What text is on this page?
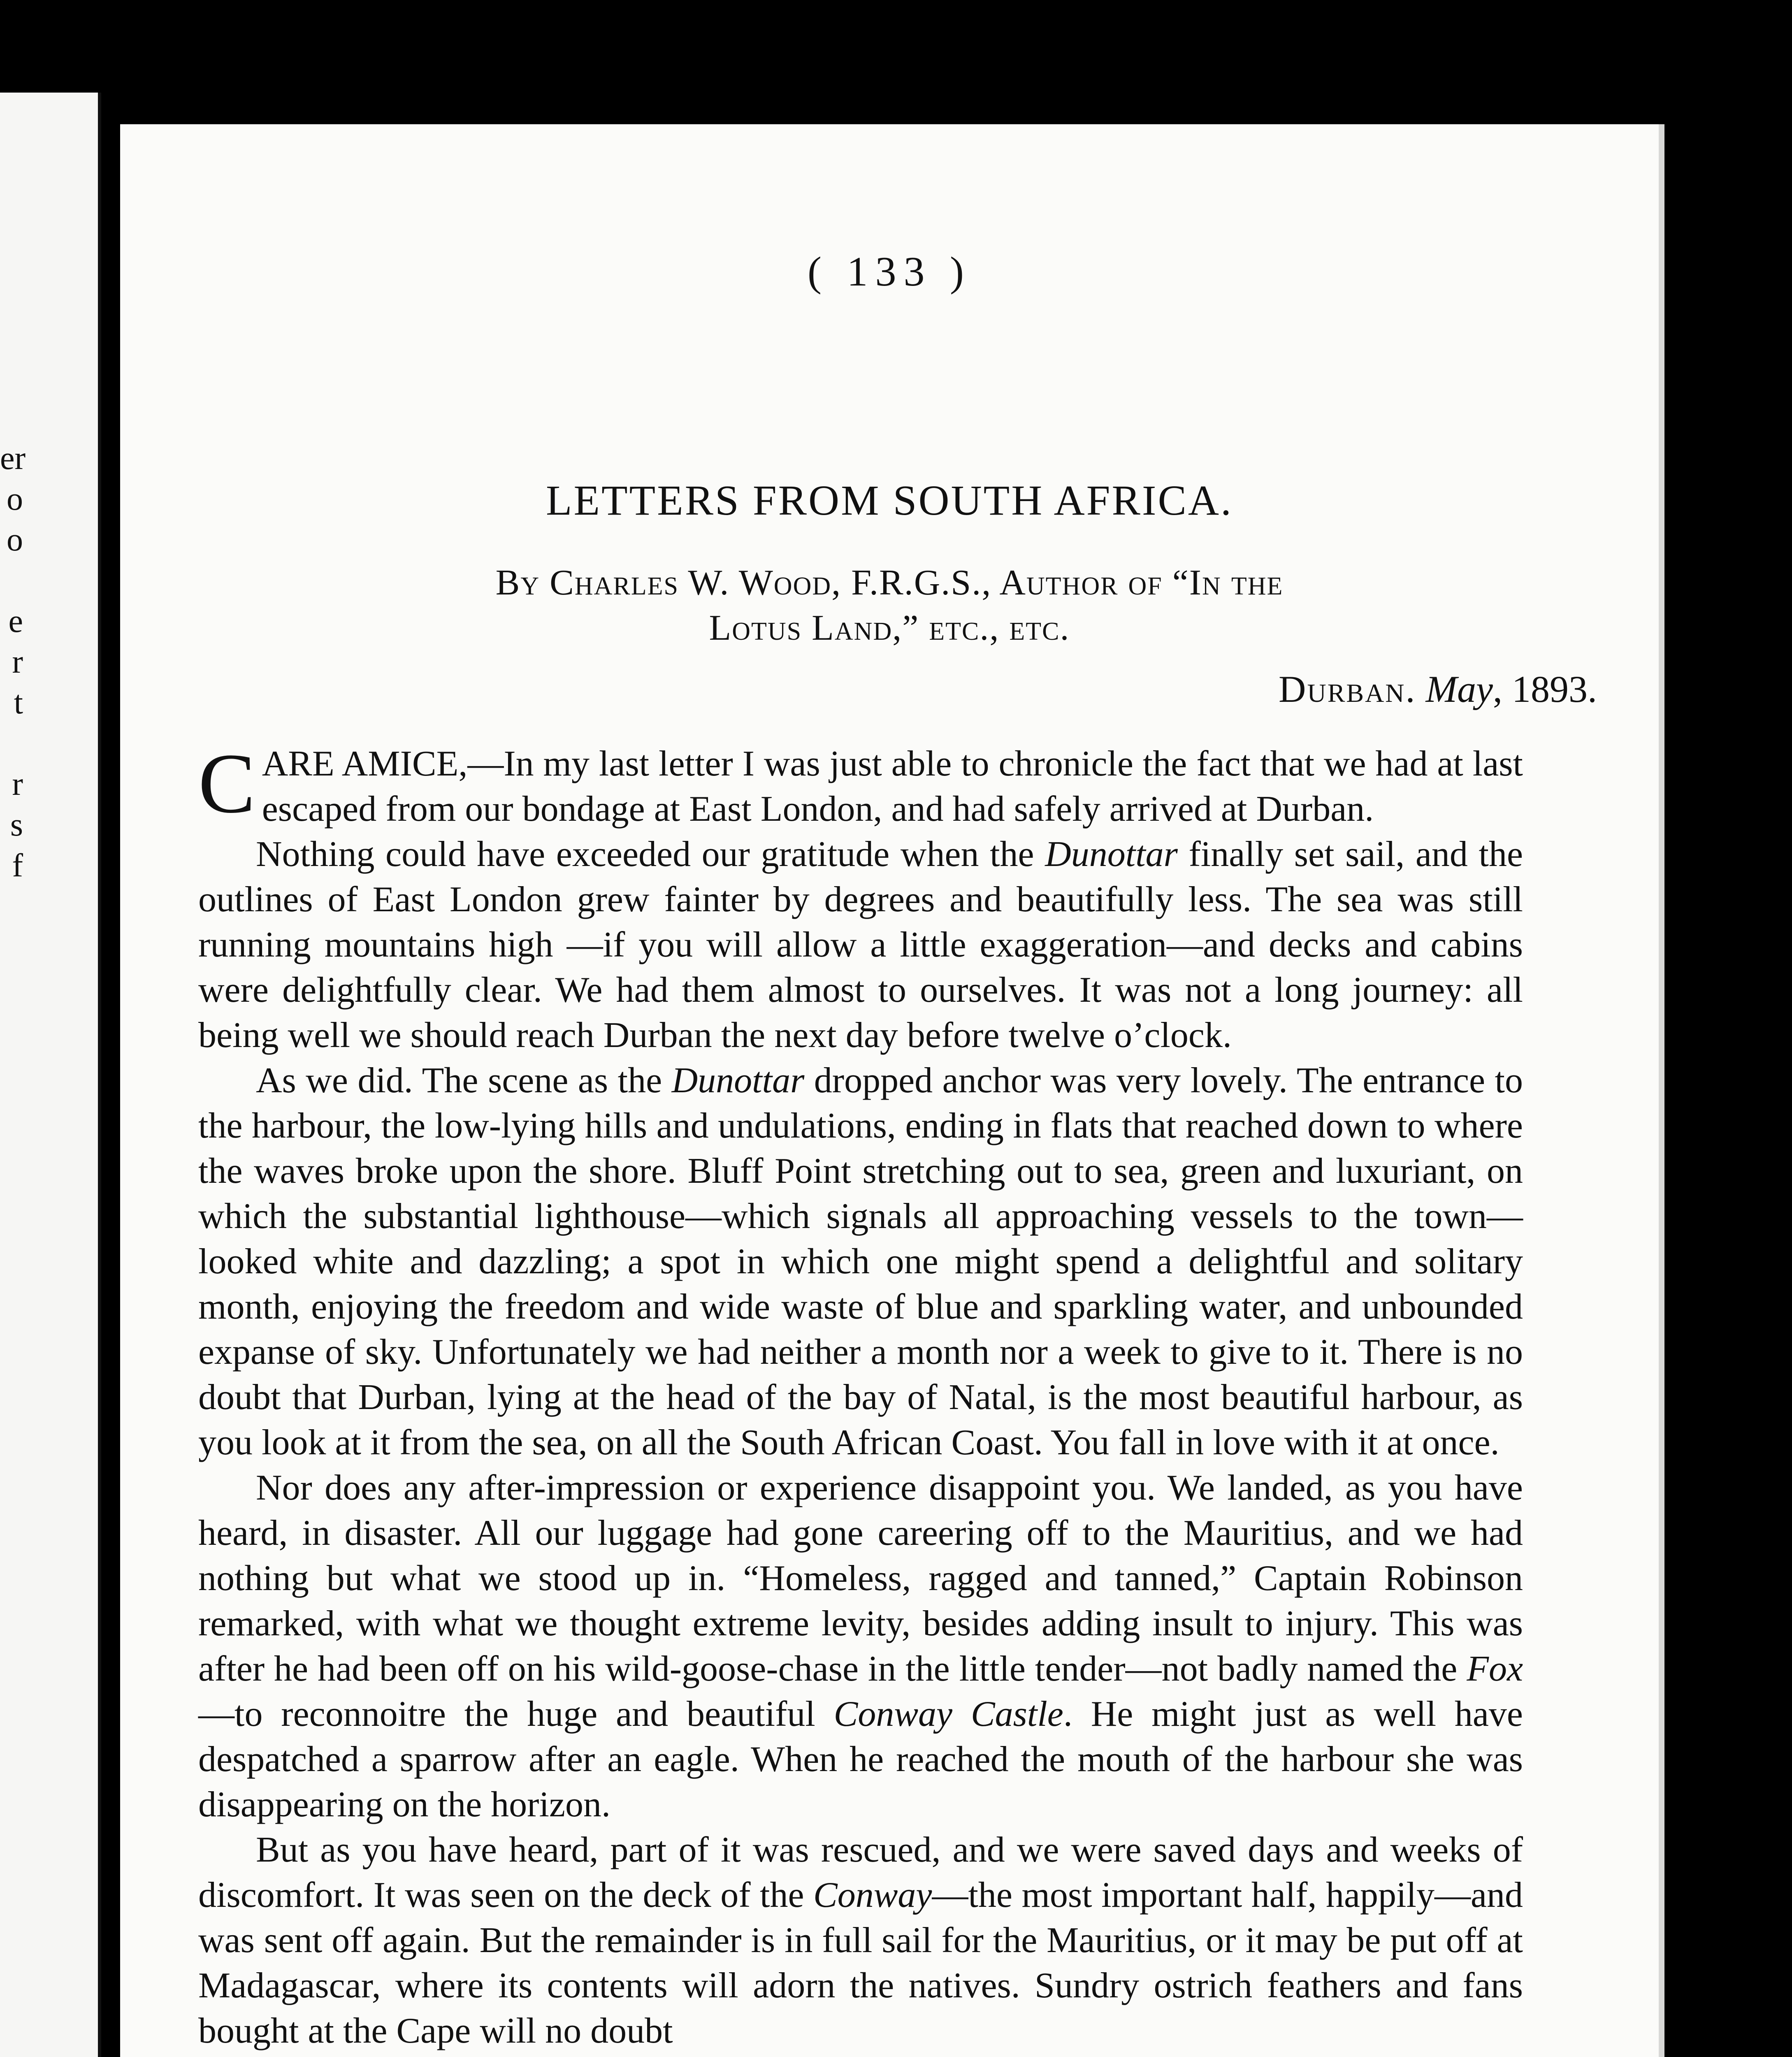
er
o
o

e
r
t

r
s
f
( 133 )
LETTERS FROM SOUTH AFRICA.
By Charles W. Wood, F.R.G.S., Author of “In the
Lotus Land,” etc., etc.
Durban. May, 1893.

CARE AMICE,—In my last letter I was just able to chronicle the fact that we had at last escaped from our bondage at East London, and had safely arrived at Durban.

Nothing could have exceeded our gratitude when the Dunottar finally set sail, and the outlines of East London grew fainter by degrees and beautifully less. The sea was still running mountains high —if you will allow a little exaggeration—and decks and cabins were delightfully clear. We had them almost to ourselves. It was not a long journey: all being well we should reach Durban the next day before twelve o’clock.

As we did. The scene as the Dunottar dropped anchor was very lovely. The entrance to the harbour, the low-lying hills and undulations, ending in flats that reached down to where the waves broke upon the shore. Bluff Point stretching out to sea, green and luxuriant, on which the substantial lighthouse—which signals all approaching vessels to the town—looked white and dazzling; a spot in which one might spend a delightful and solitary month, enjoying the freedom and wide waste of blue and sparkling water, and unbounded expanse of sky. Unfortunately we had neither a month nor a week to give to it. There is no doubt that Durban, lying at the head of the bay of Natal, is the most beautiful harbour, as you look at it from the sea, on all the South African Coast. You fall in love with it at once.

Nor does any after-impression or experience disappoint you. We landed, as you have heard, in disaster. All our luggage had gone careering off to the Mauritius, and we had nothing but what we stood up in. “Homeless, ragged and tanned,” Captain Robinson remarked, with what we thought extreme levity, besides adding insult to injury. This was after he had been off on his wild-goose-chase in the little tender—not badly named the Fox—to reconnoitre the huge and beautiful Conway Castle. He might just as well have despatched a sparrow after an eagle. When he reached the mouth of the harbour she was disappearing on the horizon.

But as you have heard, part of it was rescued, and we were saved days and weeks of discomfort. It was seen on the deck of the Conway—the most important half, happily—and was sent off again. But the remainder is in full sail for the Mauritius, or it may be put off at Madagascar, where its contents will adorn the natives. Sundry ostrich feathers and fans bought at the Cape will no doubt
